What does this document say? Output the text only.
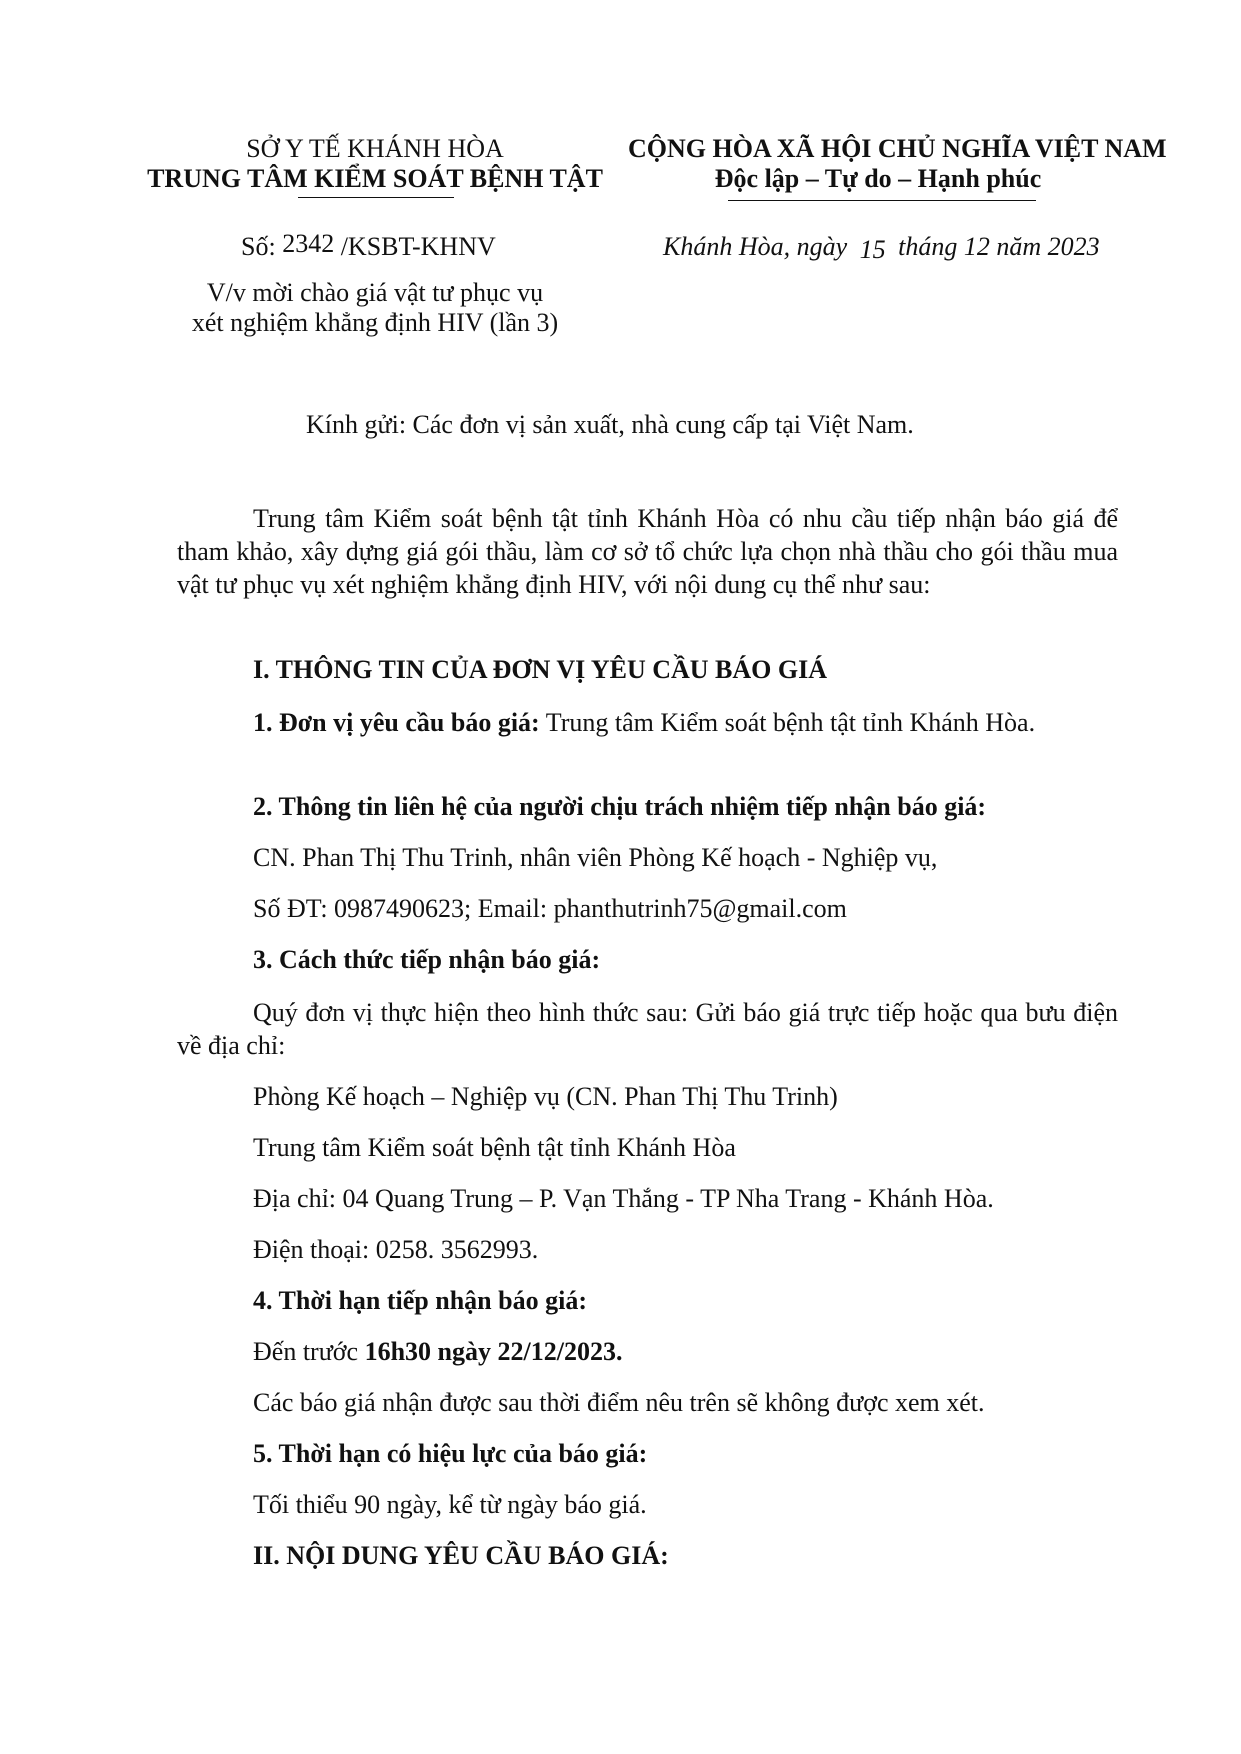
SỞ Y TẾ KHÁNH HÒA
TRUNG TÂM KIỂM SOÁT BỆNH TẬT
Số: 2342 /KSBT-KHNV
V/v mời chào giá vật tư phục vụ
xét nghiệm khẳng định HIV (lần 3)
CỘNG HÒA XÃ HỘI CHỦ NGHĨA VIỆT NAM
Độc lập – Tự do – Hạnh phúc
Khánh Hòa, ngày 15 tháng 12 năm 2023
Kính gửi: Các đơn vị sản xuất, nhà cung cấp tại Việt Nam.
Trung tâm Kiểm soát bệnh tật tỉnh Khánh Hòa có nhu cầu tiếp nhận báo giá để tham khảo, xây dựng giá gói thầu, làm cơ sở tổ chức lựa chọn nhà thầu cho gói thầu mua vật tư phục vụ xét nghiệm khẳng định HIV, với nội dung cụ thể như sau:
I. THÔNG TIN CỦA ĐƠN VỊ YÊU CẦU BÁO GIÁ
1. Đơn vị yêu cầu báo giá: Trung tâm Kiểm soát bệnh tật tỉnh Khánh Hòa.
2. Thông tin liên hệ của người chịu trách nhiệm tiếp nhận báo giá:
CN. Phan Thị Thu Trinh, nhân viên Phòng Kế hoạch - Nghiệp vụ,
Số ĐT: 0987490623; Email: phanthutrinh75@gmail.com
3. Cách thức tiếp nhận báo giá:
Quý đơn vị thực hiện theo hình thức sau: Gửi báo giá trực tiếp hoặc qua bưu điện về địa chỉ:
Phòng Kế hoạch – Nghiệp vụ (CN. Phan Thị Thu Trinh)
Trung tâm Kiểm soát bệnh tật tỉnh Khánh Hòa
Địa chỉ: 04 Quang Trung – P. Vạn Thắng - TP Nha Trang - Khánh Hòa.
Điện thoại: 0258. 3562993.
4. Thời hạn tiếp nhận báo giá:
Đến trước 16h30 ngày 22/12/2023.
Các báo giá nhận được sau thời điểm nêu trên sẽ không được xem xét.
5. Thời hạn có hiệu lực của báo giá:
Tối thiểu 90 ngày, kể từ ngày báo giá.
II. NỘI DUNG YÊU CẦU BÁO GIÁ:
